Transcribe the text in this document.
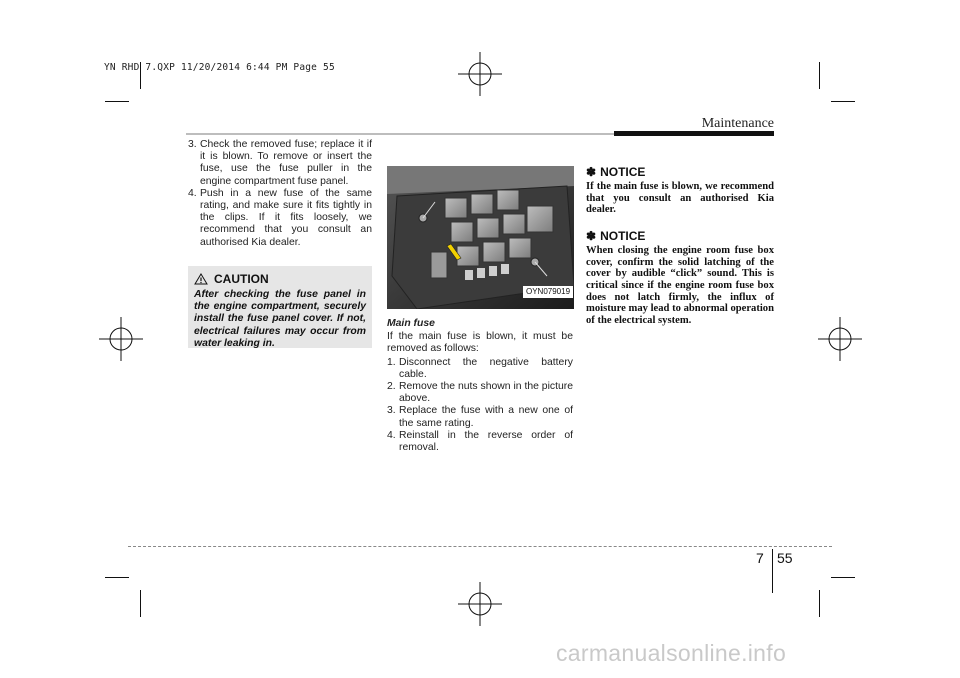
YN RHD 7.QXP 11/20/2014 6:44 PM Page 55
Maintenance
3. Check the removed fuse; replace it if it is blown. To remove or insert the fuse, use the fuse puller in the engine compartment fuse panel.
4. Push in a new fuse of the same rating, and make sure it fits tightly in the clips. If it fits loosely, we recommend that you consult an authorised Kia dealer.
CAUTION
After checking the fuse panel in the engine compartment, securely install the fuse panel cover. If not, electrical failures may occur from water leaking in.
OYN079019
Main fuse

If the main fuse is blown, it must be removed as follows:

1. Disconnect the negative battery cable.
2. Remove the nuts shown in the picture above.
3. Replace the fuse with a new one of the same rating.
4. Reinstall in the reverse order of removal.
✽ NOTICE
If the main fuse is blown, we recommend that you consult an authorised Kia dealer.
✽ NOTICE
When closing the engine room fuse box cover, confirm the solid latching of the cover by audible “click” sound. This is critical since if the engine room fuse box does not latch firmly, the influx of moisture may lead to abnormal operation of the electrical system.
7 55
carmanualsonline.info
